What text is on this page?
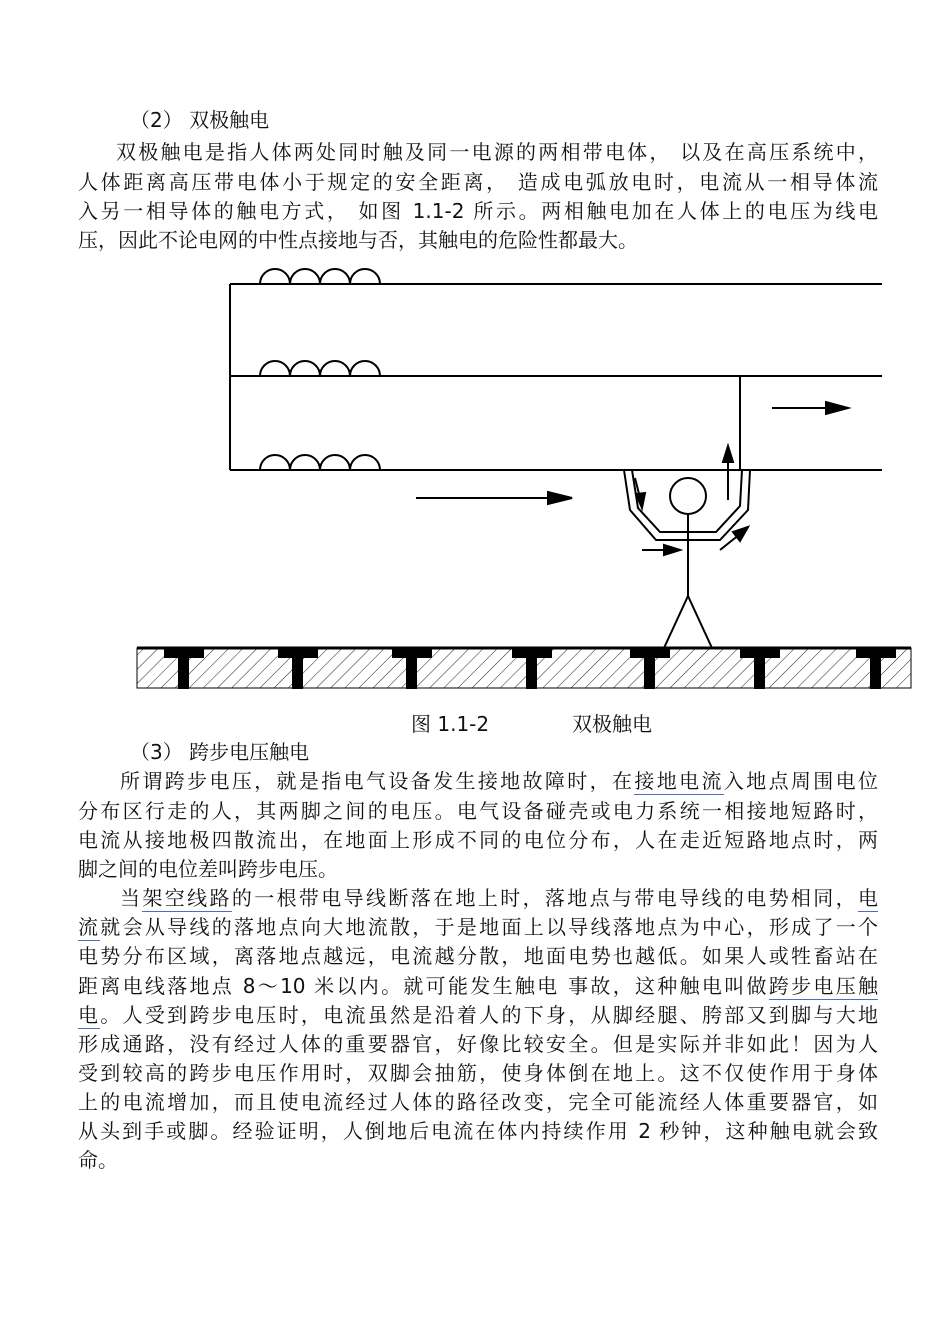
（2） 双极触电
双极触电是指人体两处同时触及同一电源的两相带电体， 以及在高压系统中，
人体距离高压带电体小于规定的安全距离， 造成电弧放电时，电流从一相导体流
入另一相导体的触电方式， 如图 1.1-2 所示。两相触电加在人体上的电压为线电
压，因此不论电网的中性点接地与否，其触电的危险性都最大。
图 1.1-2	双极触电
（3） 跨步电压触电
所谓跨步电压，就是指电气设备发生接地故障时，在接地电流入地点周围电位
分布区行走的人，其两脚之间的电压。电气设备碰壳或电力系统一相接地短路时，
电流从接地极四散流出，在地面上形成不同的电位分布，人在走近短路地点时，两
脚之间的电位差叫跨步电压。
当架空线路的一根带电导线断落在地上时，落地点与带电导线的电势相同，电
流就会从导线的落地点向大地流散，于是地面上以导线落地点为中心，形成了一个
电势分布区域，离落地点越远，电流越分散，地面电势也越低。如果人或牲畜站在
距离电线落地点 8～10 米以内。就可能发生触电 事故，这种触电叫做跨步电压触
电。人受到跨步电压时，电流虽然是沿着人的下身，从脚经腿、胯部又到脚与大地
形成通路，没有经过人体的重要器官，好像比较安全。但是实际并非如此！因为人
受到较高的跨步电压作用时，双脚会抽筋，使身体倒在地上。这不仅使作用于身体
上的电流增加，而且使电流经过人体的路径改变，完全可能流经人体重要器官，如
从头到手或脚。经验证明，人倒地后电流在体内持续作用 2 秒钟，这种触电就会致
命。
